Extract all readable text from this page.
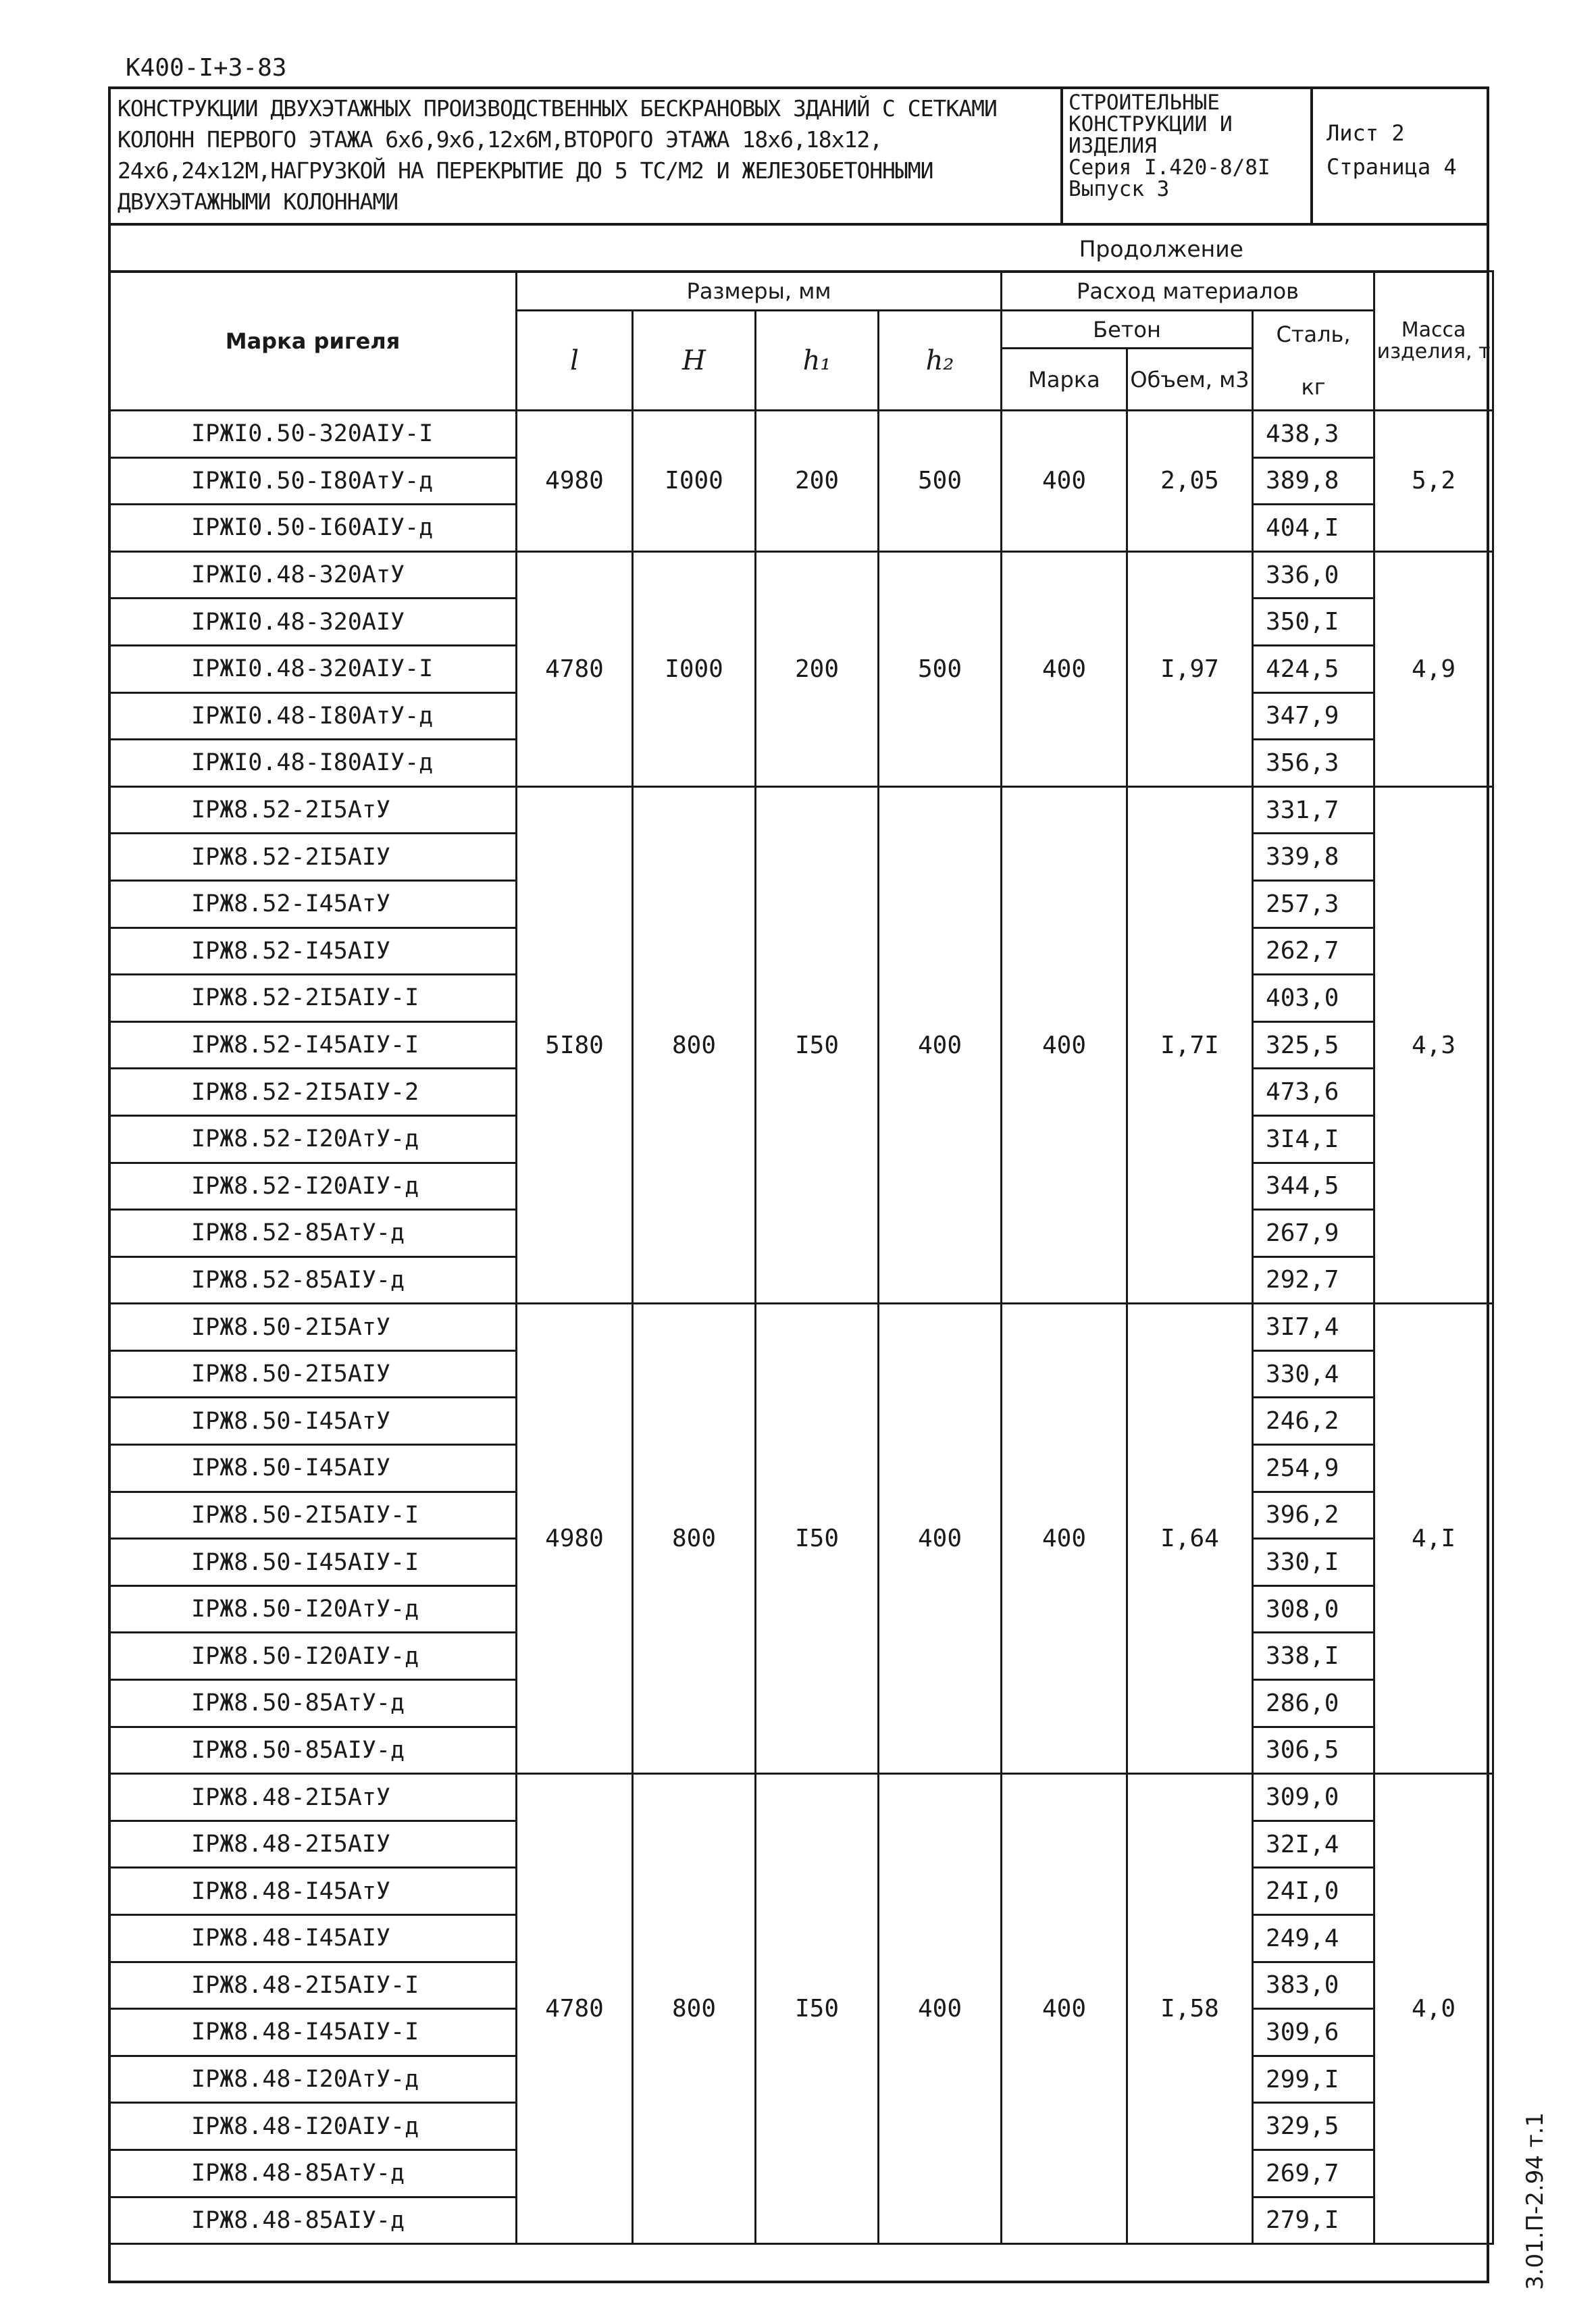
К400-I+3-83
КОНСТРУКЦИИ ДВУХЭТАЖНЫХ ПРОИЗВОДСТВЕННЫХ БЕСКРАНОВЫХ ЗДАНИЙ С СЕТКАМИ КОЛОНН ПЕРВОГО ЭТАЖА 6х6,9х6,12х6М,ВТОРОГО ЭТАЖА 18х6,18х12, 24х6,24х12М,НАГРУЗКОЙ НА ПЕРЕКРЫТИЕ ДО 5 ТС/М2 И ЖЕЛЕЗОБЕТОННЫМИ ДВУХЭТАЖНЫМИ КОЛОННАМИ
СТРОИТЕЛЬНЫЕ
КОНСТРУКЦИИ И
ИЗДЕЛИЯ
Серия I.420-8/8I
Выпуск 3
Лист 2
Страница 4
Продолжение
Марка ригеля	Размеры, мм				Расход материалов			Масса изделия, т
	l	H	h₁	h₂	Бетон		Сталь,
кг	

					Марка	Объем, м3		
IPЖI0.50-320AIУ-I	4980	I000	200	500	400	2,05	438,3	5,2
IPЖI0.50-I80AтУ-д							389,8	
IPЖI0.50-I60AIУ-д							404,I	
IPЖI0.48-320AтУ	4780	I000	200	500	400	I,97	336,0	4,9
IPЖI0.48-320AIУ							350,I	
IPЖI0.48-320AIУ-I							424,5	
IPЖI0.48-I80AтУ-д							347,9	
IPЖI0.48-I80AIУ-д							356,3	
IPЖ8.52-2I5AтУ	5I80	800	I50	400	400	I,7I	331,7	4,3
IPЖ8.52-2I5AIУ							339,8	
IPЖ8.52-I45AтУ							257,3	
IPЖ8.52-I45AIУ							262,7	
IPЖ8.52-2I5AIУ-I							403,0	
IPЖ8.52-I45AIУ-I							325,5	
IPЖ8.52-2I5AIУ-2							473,6	
IPЖ8.52-I20AтУ-д							3I4,I	
IPЖ8.52-I20AIУ-д							344,5	
IPЖ8.52-85AтУ-д							267,9	
IPЖ8.52-85AIУ-д							292,7	
IPЖ8.50-2I5AтУ	4980	800	I50	400	400	I,64	3I7,4	4,I
IPЖ8.50-2I5AIУ							330,4	
IPЖ8.50-I45AтУ							246,2	
IPЖ8.50-I45AIУ							254,9	
IPЖ8.50-2I5AIУ-I							396,2	
IPЖ8.50-I45AIУ-I							330,I	
IPЖ8.50-I20AтУ-д							308,0	
IPЖ8.50-I20AIУ-д							338,I	
IPЖ8.50-85AтУ-д							286,0	
IPЖ8.50-85AIУ-д							306,5	
IPЖ8.48-2I5AтУ	4780	800	I50	400	400	I,58	309,0	4,0
IPЖ8.48-2I5AIУ							32I,4	
IPЖ8.48-I45AтУ							24I,0	
IPЖ8.48-I45AIУ							249,4	
IPЖ8.48-2I5AIУ-I							383,0	
IPЖ8.48-I45AIУ-I							309,6	
IPЖ8.48-I20AтУ-д							299,I	
IPЖ8.48-I20AIУ-д							329,5	
IPЖ8.48-85AтУ-д							269,7	
IPЖ8.48-85AIУ-д							279,I		3.01.П-2.94 т.1
